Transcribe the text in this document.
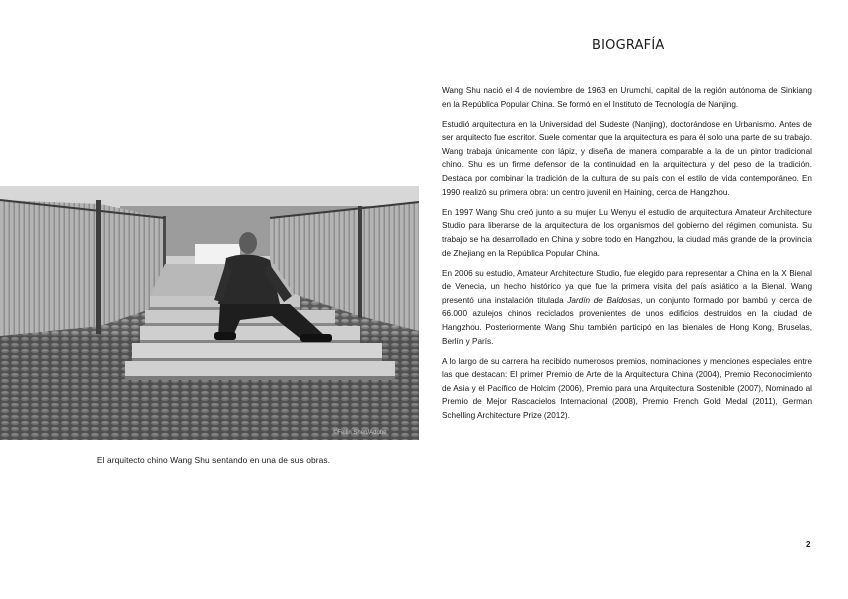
©Feilin Shen/Adobe
El arquitecto chino Wang Shu sentando en una de sus obras.
BIOGRAFÍA

Wang Shu nació el 4 de noviembre de 1963 en Urumchi, capital de la región autónoma de Sinkiang en la República Popular China. Se formó en el Instituto de Tecnología de Nanjing.

Estudió arquitectura en la Universidad del Sudeste (Nanjing), doctorándose en Urbanismo. Antes de ser arquitecto fue escritor. Suele comentar que la arquitectura es para él solo una parte de su trabajo. Wang trabaja únicamente con lápiz, y diseña de manera comparable a la de un pintor tradicional chino. Shu es un firme defensor de la continuidad en la arquitectura y del peso de la tradición. Destaca por combinar la tradición de la cultura de su país con el estilo de vida contemporáneo. En 1990 realizó su primera obra: un centro juvenil en Haining, cerca de Hangzhou.

En 1997 Wang Shu creó junto a su mujer Lu Wenyu el estudio de arquitectura Amateur Architecture Studio para liberarse de la arquitectura de los organismos del gobierno del régimen comunista. Su trabajo se ha desarrollado en China y sobre todo en Hangzhou, la ciudad más grande de la provincia de Zhejiang en la República Popular China.

En 2006 su estudio, Amateur Architecture Studio, fue elegido para representar a China en la X Bienal de Venecia, un hecho histórico ya que fue la primera visita del país asiático a la Bienal. Wang presentó una instalación titulada Jardín de Baldosas, un conjunto formado por bambú y cerca de 66.000 azulejos chinos reciclados provenientes de unos edificios destruidos en la ciudad de Hangzhou. Posteriormente Wang Shu también participó en las bienales de Hong Kong, Bruselas, Berlín y París.

A lo largo de su carrera ha recibido numerosos premios, nominaciones y menciones especiales entre las que destacan: El primer Premio de Arte de la Arquitectura China (2004), Premio Reconocimiento de Asia y el Pacífico de Holcim (2006), Premio para una Arquitectura Sostenible (2007), Nominado al Premio de Mejor Rascacielos Internacional (2008), Premio French Gold Medal (2011), German Schelling Architecture Prize (2012).

2
